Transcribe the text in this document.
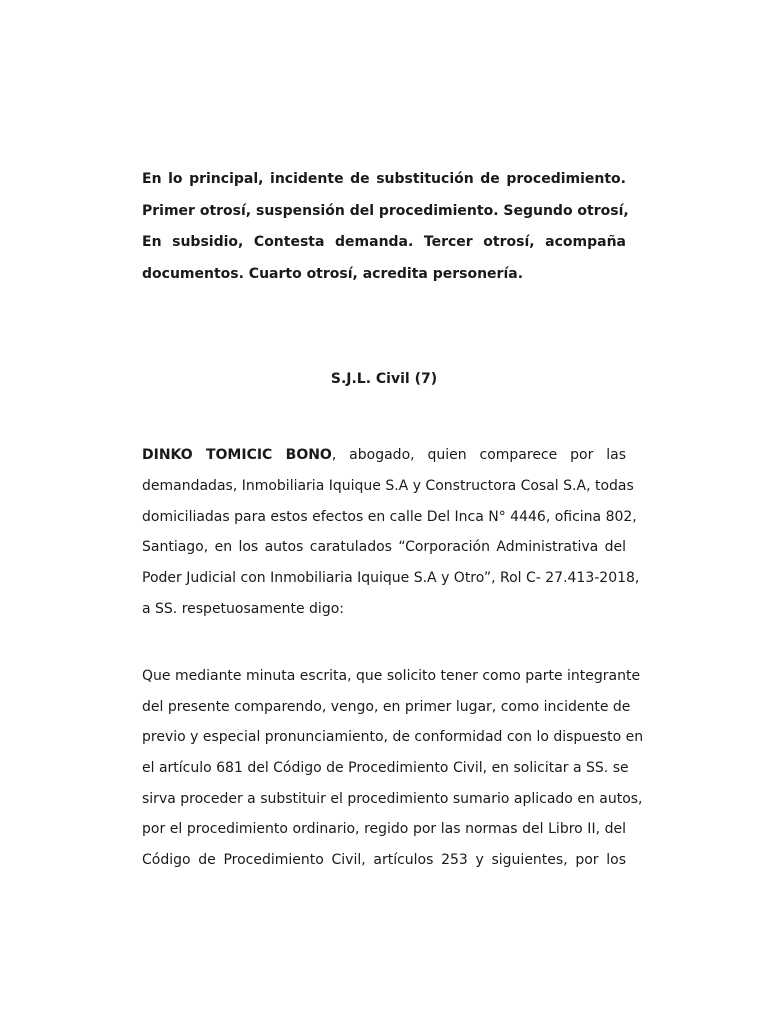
En lo principal, incidente de substitución de procedimiento.
Primer otrosí, suspensión del procedimiento. Segundo otrosí,
En subsidio, Contesta demanda. Tercer otrosí, acompaña
documentos. Cuarto otrosí, acredita personería.
S.J.L. Civil (7)
DINKO TOMICIC BONO, abogado, quien comparece por las
demandadas, Inmobiliaria Iquique S.A y Constructora Cosal S.A, todas
domiciliadas para estos efectos en calle Del Inca N° 4446, oficina 802,
Santiago, en los autos caratulados “Corporación Administrativa del
Poder Judicial con Inmobiliaria Iquique S.A y Otro”, Rol C- 27.413-2018,
a SS. respetuosamente digo:
Que mediante minuta escrita, que solicito tener como parte integrante
del presente comparendo, vengo, en primer lugar, como incidente de
previo y especial pronunciamiento, de conformidad con lo dispuesto en
el artículo 681 del Código de Procedimiento Civil, en solicitar a SS. se
sirva proceder a substituir el procedimiento sumario aplicado en autos,
por el procedimiento ordinario, regido por las normas del Libro II, del
Código de Procedimiento Civil, artículos 253 y siguientes, por los
